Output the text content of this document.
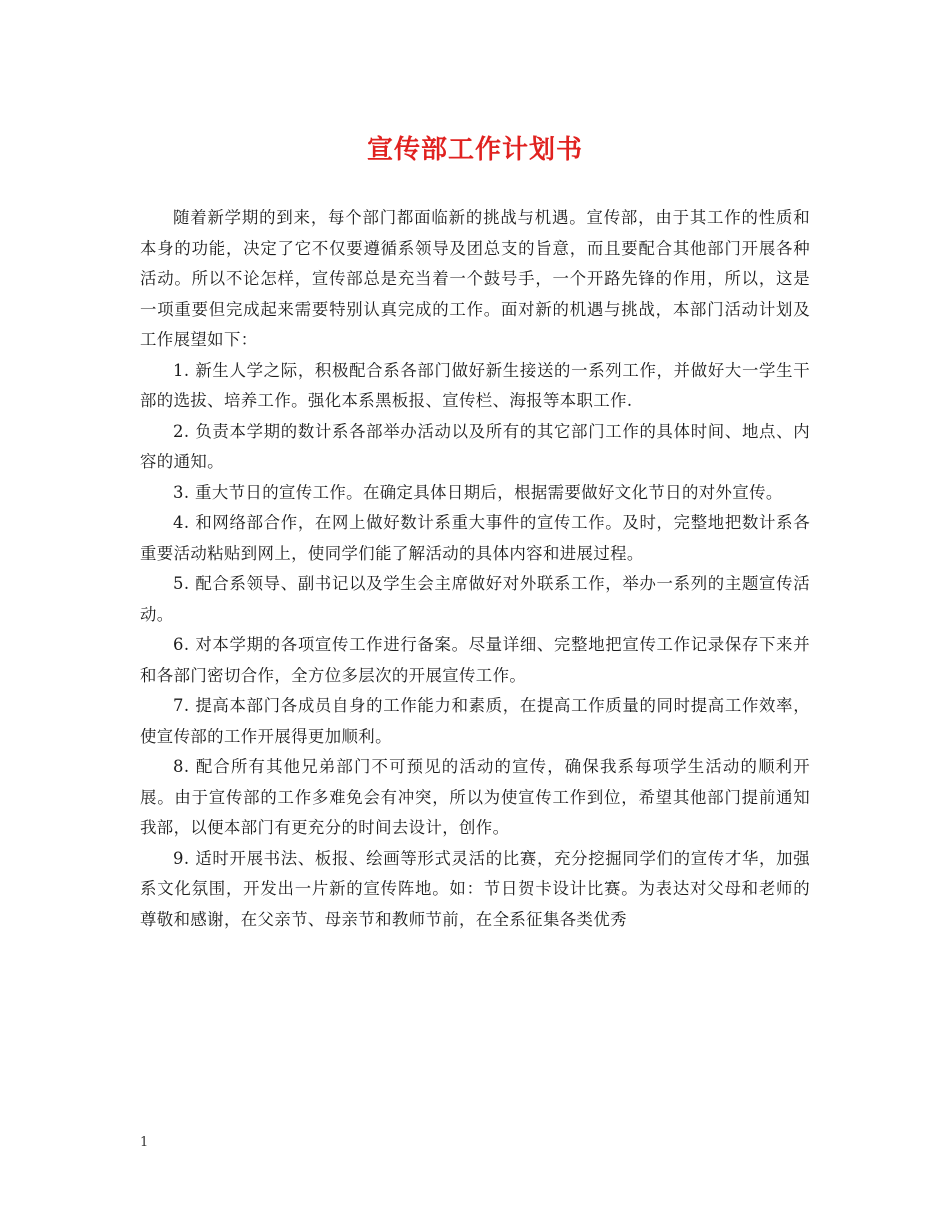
宣传部工作计划书

随着新学期的到来，每个部门都面临新的挑战与机遇。宣传部，由于其工作的性质和本身的功能，决定了它不仅要遵循系领导及团总支的旨意，而且要配合其他部门开展各种活动。所以不论怎样，宣传部总是充当着一个鼓号手，一个开路先锋的作用，所以，这是一项重要但完成起来需要特别认真完成的工作。面对新的机遇与挑战，本部门活动计划及工作展望如下：

1. 新生人学之际，积极配合系各部门做好新生接送的一系列工作，并做好大一学生干部的选拔、培养工作。强化本系黑板报、宣传栏、海报等本职工作.

2. 负责本学期的数计系各部举办活动以及所有的其它部门工作的具体时间、地点、内容的通知。

3. 重大节日的宣传工作。在确定具体日期后，根据需要做好文化节日的对外宣传。

4. 和网络部合作，在网上做好数计系重大事件的宣传工作。及时，完整地把数计系各重要活动粘贴到网上，使同学们能了解活动的具体内容和进展过程。

5. 配合系领导、副书记以及学生会主席做好对外联系工作，举办一系列的主题宣传活动。

6. 对本学期的各项宣传工作进行备案。尽量详细、完整地把宣传工作记录保存下来并和各部门密切合作，全方位多层次的开展宣传工作。

7. 提高本部门各成员自身的工作能力和素质，在提高工作质量的同时提高工作效率，使宣传部的工作开展得更加顺利。

8. 配合所有其他兄弟部门不可预见的活动的宣传，确保我系每项学生活动的顺利开展。由于宣传部的工作多难免会有冲突，所以为使宣传工作到位，希望其他部门提前通知我部，以便本部门有更充分的时间去设计，创作。

9. 适时开展书法、板报、绘画等形式灵活的比赛，充分挖掘同学们的宣传才华，加强系文化氛围，开发出一片新的宣传阵地。如：节日贺卡设计比赛。为表达对父母和老师的尊敬和感谢，在父亲节、母亲节和教师节前，在全系征集各类优秀

1
